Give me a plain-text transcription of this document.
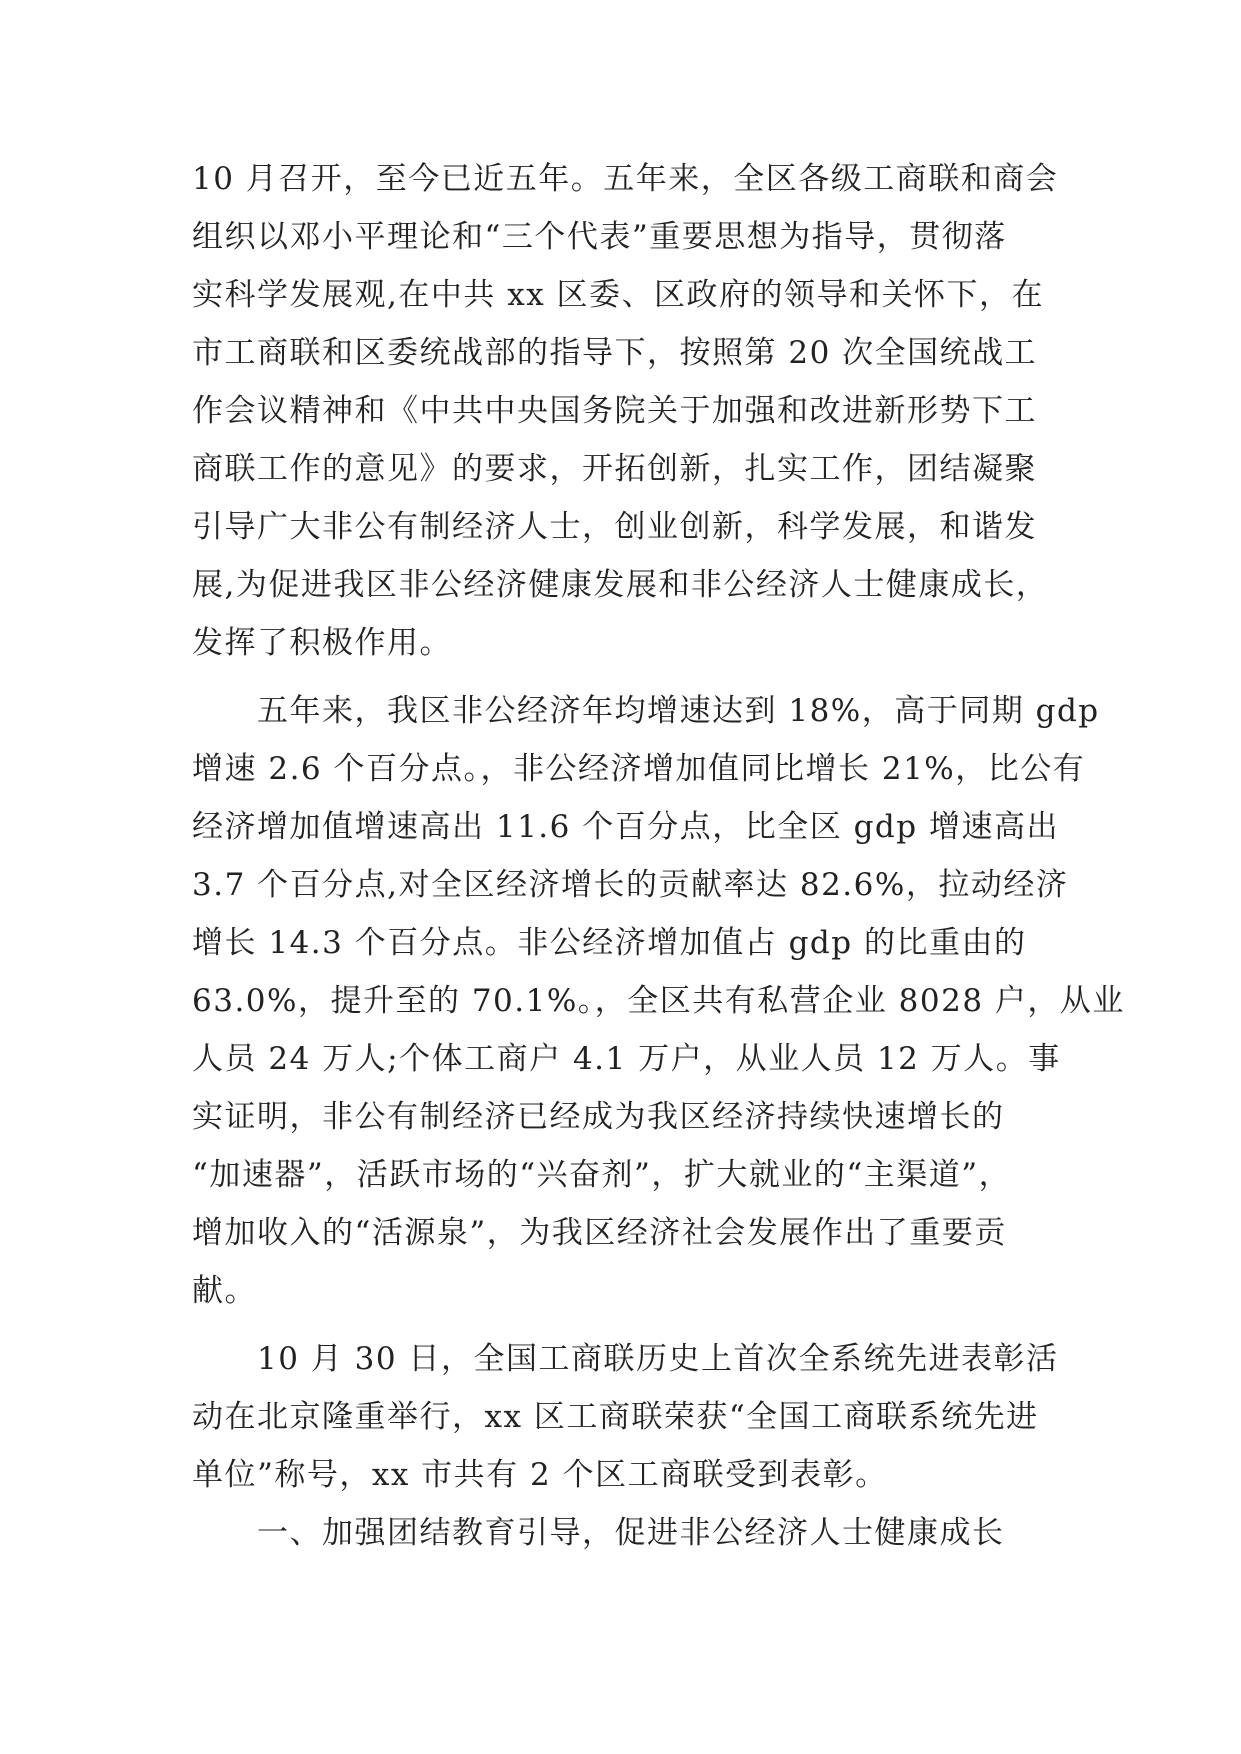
10 月召开，至今已近五年。五年来，全区各级工商联和商会
组织以邓小平理论和“三个代表”重要思想为指导，贯彻落
实科学发展观,在中共 xx 区委、区政府的领导和关怀下，在
市工商联和区委统战部的指导下，按照第 20 次全国统战工
作会议精神和《中共中央国务院关于加强和改进新形势下工
商联工作的意见》的要求，开拓创新，扎实工作，团结凝聚
引导广大非公有制经济人士，创业创新，科学发展，和谐发
展,为促进我区非公经济健康发展和非公经济人士健康成长，
发挥了积极作用。
　　五年来，我区非公经济年均增速达到 18%，高于同期 gdp
增速 2.6 个百分点。，非公经济增加值同比增长 21%，比公有
经济增加值增速高出 11.6 个百分点，比全区 gdp 增速高出
3.7 个百分点,对全区经济增长的贡献率达 82.6%，拉动经济
增长 14.3 个百分点。非公经济增加值占 gdp 的比重由的
63.0%，提升至的 70.1%。，全区共有私营企业 8028 户，从业
人员 24 万人;个体工商户 4.1 万户，从业人员 12 万人。事
实证明，非公有制经济已经成为我区经济持续快速增长的
“加速器”，活跃市场的“兴奋剂”，扩大就业的“主渠道”，
增加收入的“活源泉”，为我区经济社会发展作出了重要贡
献。
　　10 月 30 日，全国工商联历史上首次全系统先进表彰活
动在北京隆重举行，xx 区工商联荣获“全国工商联系统先进
单位”称号，xx 市共有 2 个区工商联受到表彰。
　　一、加强团结教育引导，促进非公经济人士健康成长
